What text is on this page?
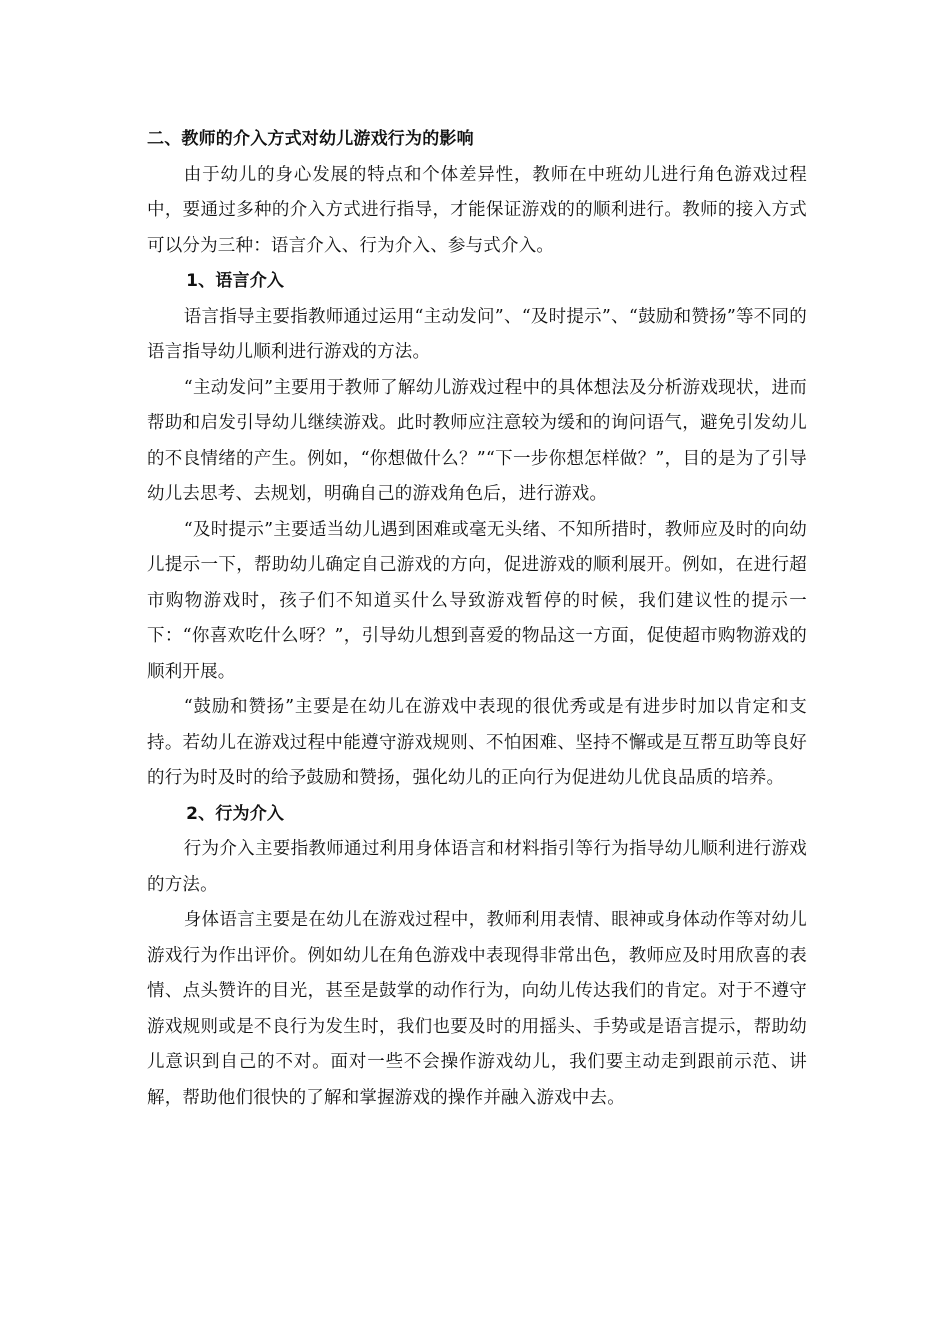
二、教师的介入方式对幼儿游戏行为的影响

由于幼儿的身心发展的特点和个体差异性，教师在中班幼儿进行角色游戏过程中，要通过多种的介入方式进行指导，才能保证游戏的的顺利进行。教师的接入方式可以分为三种：语言介入、行为介入、参与式介入。

1、语言介入

语言指导主要指教师通过运用“主动发问”、“及时提示”、“鼓励和赞扬”等不同的语言指导幼儿顺利进行游戏的方法。

“主动发问”主要用于教师了解幼儿游戏过程中的具体想法及分析游戏现状，进而帮助和启发引导幼儿继续游戏。此时教师应注意较为缓和的询问语气，避免引发幼儿的不良情绪的产生。例如，“你想做什么？”“下一步你想怎样做？”，目的是为了引导幼儿去思考、去规划，明确自己的游戏角色后，进行游戏。

“及时提示”主要适当幼儿遇到困难或毫无头绪、不知所措时，教师应及时的向幼儿提示一下，帮助幼儿确定自己游戏的方向，促进游戏的顺利展开。例如，在进行超市购物游戏时，孩子们不知道买什么导致游戏暂停的时候，我们建议性的提示一下：“你喜欢吃什么呀？”，引导幼儿想到喜爱的物品这一方面，促使超市购物游戏的顺利开展。

“鼓励和赞扬”主要是在幼儿在游戏中表现的很优秀或是有进步时加以肯定和支持。若幼儿在游戏过程中能遵守游戏规则、不怕困难、坚持不懈或是互帮互助等良好的行为时及时的给予鼓励和赞扬，强化幼儿的正向行为促进幼儿优良品质的培养。

2、行为介入

行为介入主要指教师通过利用身体语言和材料指引等行为指导幼儿顺利进行游戏的方法。

身体语言主要是在幼儿在游戏过程中，教师利用表情、眼神或身体动作等对幼儿游戏行为作出评价。例如幼儿在角色游戏中表现得非常出色，教师应及时用欣喜的表情、点头赞许的目光，甚至是鼓掌的动作行为，向幼儿传达我们的肯定。对于不遵守游戏规则或是不良行为发生时，我们也要及时的用摇头、手势或是语言提示，帮助幼儿意识到自己的不对。面对一些不会操作游戏幼儿，我们要主动走到跟前示范、讲解，帮助他们很快的了解和掌握游戏的操作并融入游戏中去。
